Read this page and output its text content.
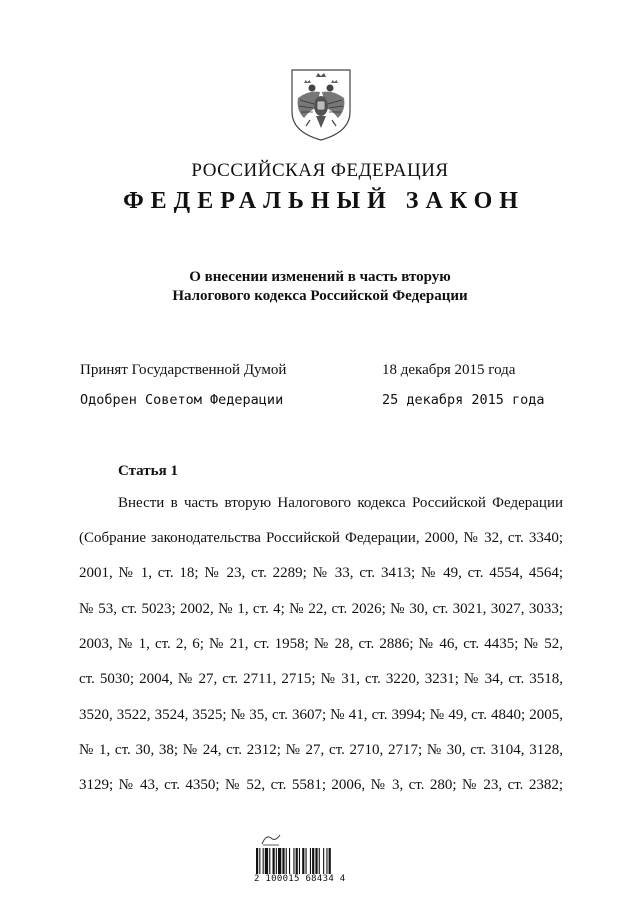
РОССИЙСКАЯ ФЕДЕРАЦИЯ
ФЕДЕРАЛЬНЫЙ ЗАКОН
О внесении изменений в часть вторую
Налогового кодекса Российской Федерации
Принят Государственной Думой	18 декабря 2015 года
Одобрен Советом Федерации	25 декабря 2015 года
Статья 1
Внести в часть вторую Налогового кодекса Российской Федерации
(Собрание законодательства Российской Федерации, 2000, № 32, ст. 3340;
2001, № 1, ст. 18; № 23, ст. 2289; № 33, ст. 3413; № 49, ст. 4554, 4564;
№ 53, ст. 5023; 2002, № 1, ст. 4; № 22, ст. 2026; № 30, ст. 3021, 3027, 3033;
2003, № 1, ст. 2, 6; № 21, ст. 1958; № 28, ст. 2886; № 46, ст. 4435; № 52,
ст. 5030; 2004, № 27, ст. 2711, 2715; № 31, ст. 3220, 3231; № 34, ст. 3518,
3520, 3522, 3524, 3525; № 35, ст. 3607; № 41, ст. 3994; № 49, ст. 4840; 2005,
№ 1, ст. 30, 38; № 24, ст. 2312; № 27, ст. 2710, 2717; № 30, ст. 3104, 3128,
3129; № 43, ст. 4350; № 52, ст. 5581; 2006, № 3, ст. 280; № 23, ст. 2382;
2 100015 68434 4
